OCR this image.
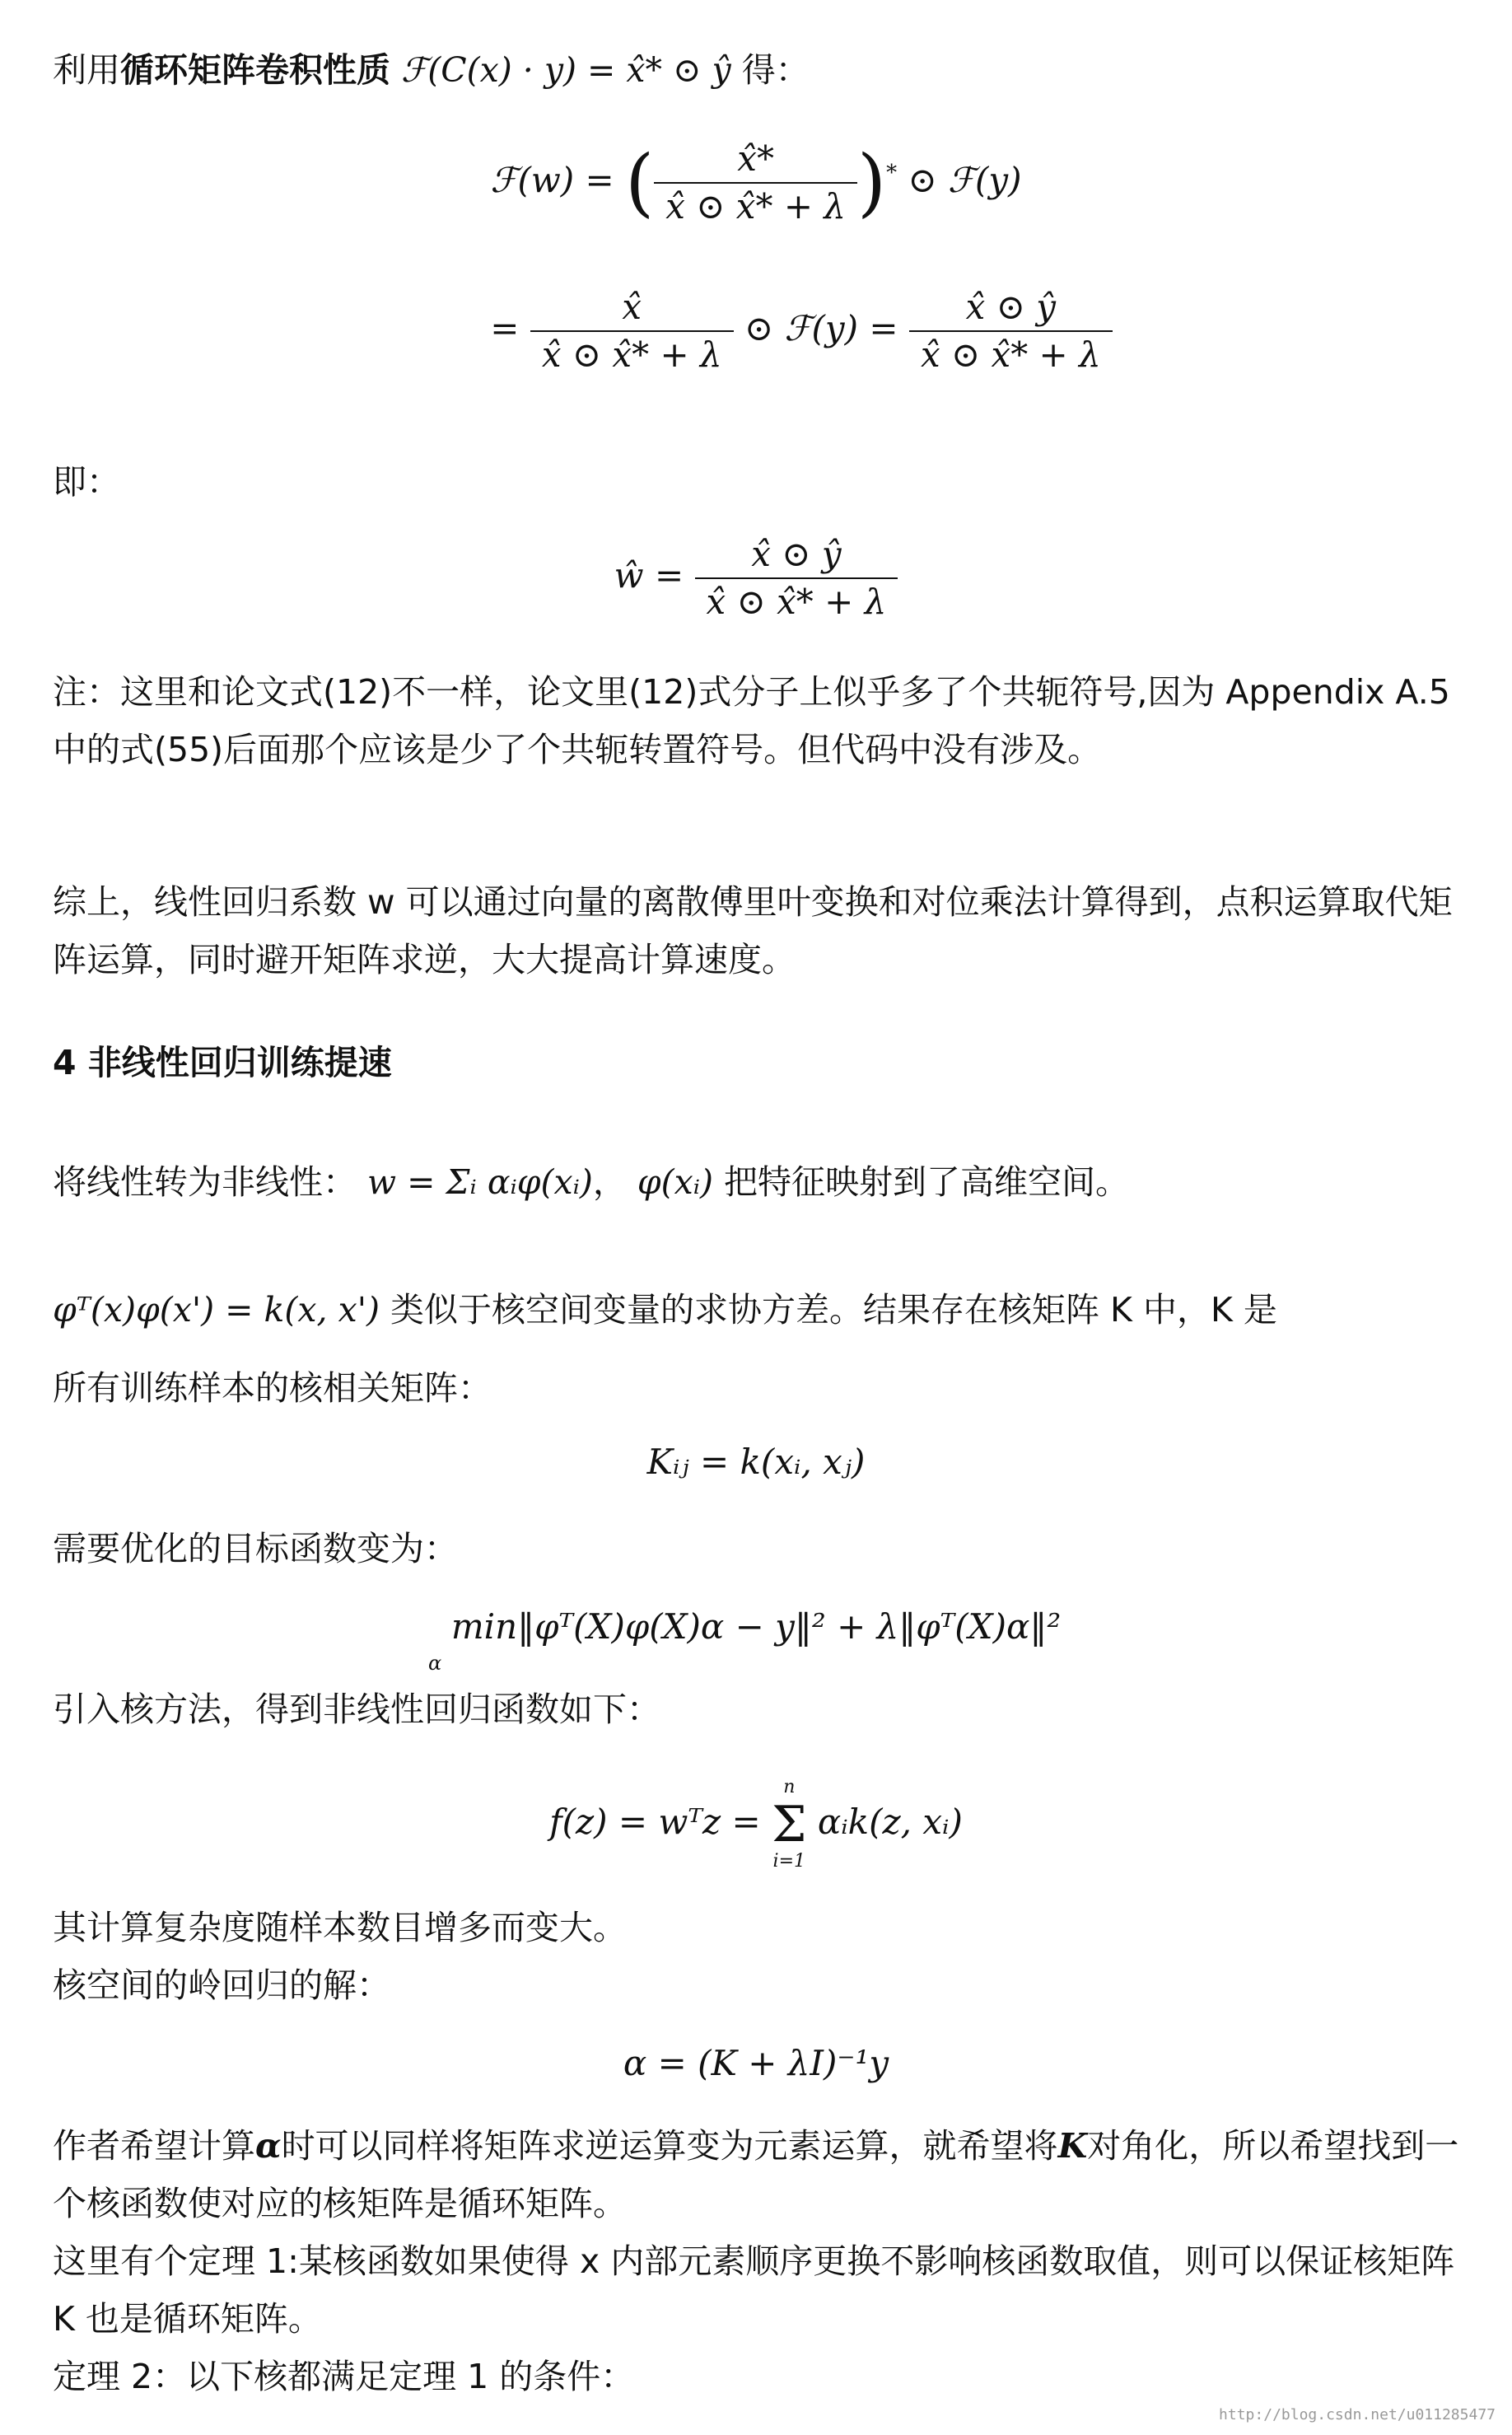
利用循环矩阵卷积性质 ℱ(C(x) · y) = x̂* ⊙ ŷ 得：

ℱ(w) = ( $\frac{x̂*}{x̂ ⊙ x̂* + \lambda} )^*$ ⊙ ℱ(y)
= $\frac{x̂}{x̂ ⊙ x̂* + \lambda}$ ⊙ ℱ(y) = $\frac{x̂ ⊙ ŷ}{x̂ ⊙ x̂* + \lambda}$

即：

ŵ = $\frac{x̂ ⊙ ŷ}{x̂ ⊙ x̂* + \lambda}$

注：这里和论文式(12)不一样，论文里(12)式分子上似乎多了个共轭符号,因为 Appendix A.5 中的式(55)后面那个应该是少了个共轭转置符号。但代码中没有涉及。

综上，线性回归系数 w 可以通过向量的离散傅里叶变换和对位乘法计算得到，点积运算取代矩阵运算，同时避开矩阵求逆，大大提高计算速度。

4 非线性回归训练提速

将线性转为非线性： w = Σᵢ αᵢφ(xᵢ)， φ(xᵢ) 把特征映射到了高维空间。

φᵀ(x)φ(x') = k(x, x') 类似于核空间变量的求协方差。结果存在核矩阵 K 中，K 是

所有训练样本的核相关矩阵：

Kᵢⱼ = k(xᵢ, xⱼ)

需要优化的目标函数变为：

min‖φᵀ(X)φ(X)α − y‖² + λ‖φᵀ(X)α‖²
α

引入核方法，得到非线性回归函数如下：

f(z) = wᵀz =
n
Σ
i=1
αᵢk(z, xᵢ)

其计算复杂度随样本数目增多而变大。

核空间的岭回归的解：

α = (K + λI)⁻¹y

作者希望计算α时可以同样将矩阵求逆运算变为元素运算，就希望将K对角化，所以希望找到一个核函数使对应的核矩阵是循环矩阵。

这里有个定理 1:某核函数如果使得 x 内部元素顺序更换不影响核函数取值，则可以保证核矩阵 K 也是循环矩阵。

定理 2：以下核都满足定理 1 的条件：

http://blog.csdn.net/u011285477
